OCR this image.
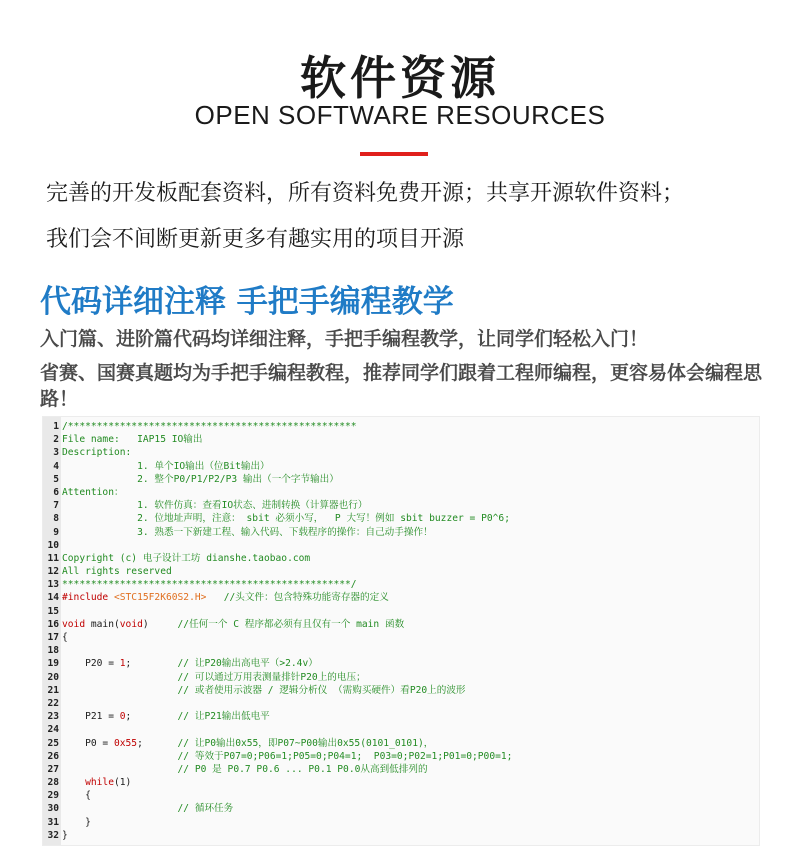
软件资源
OPEN SOFTWARE RESOURCES
完善的开发板配套资料，所有资料免费开源；共享开源软件资料；
我们会不间断更新更多有趣实用的项目开源
代码详细注释 手把手编程教学
入门篇、进阶篇代码均详细注释，手把手编程教学，让同学们轻松入门！
省赛、国赛真题均为手把手编程教程，推荐同学们跟着工程师编程，更容易体会编程思路！
1 /**************************************************
2 File name:   IAP15 IO输出
3 Description:
4             1. 单个IO输出（位Bit输出）
5             2. 整个P0/P1/P2/P3 输出（一个字节输出）
6 Attention：
7             1. 软件仿真：查看IO状态、进制转换（计算器也行）
8             2. 位地址声明，注意： sbit 必须小写，  P 大写！例如 sbit buzzer = P0^6;
9             3. 熟悉一下新建工程、输入代码、下载程序的操作：自己动手操作！
10
11 Copyright (c) 电子设计工坊 dianshe.taobao.com
12 All rights reserved
13 **************************************************/
14 #include <STC15F2K60S2.H>   //头文件：包含特殊功能寄存器的定义
15
16 void main(void)     //任何一个 C 程序都必须有且仅有一个 main 函数
17 {
18
19    P20 = 1;        // 让P20输出高电平（>2.4v）
20                    // 可以通过万用表测量排针P20上的电压；
21                    // 或者使用示波器 / 逻辑分析仪 （需购买硬件）看P20上的波形
22
23    P21 = 0;        // 让P21输出低电平
24
25    P0 = 0x55;      // 让P0输出0x55，即P07~P00输出0x55(0101_0101)，
26                    // 等效于P07=0;P06=1;P05=0;P04=1;  P03=0;P02=1;P01=0;P00=1;
27                    // P0 是 P0.7 P0.6 ... P0.1 P0.0从高到低排列的
28	while(1)
29    {
30                    // 循环任务
31    }
32 }
